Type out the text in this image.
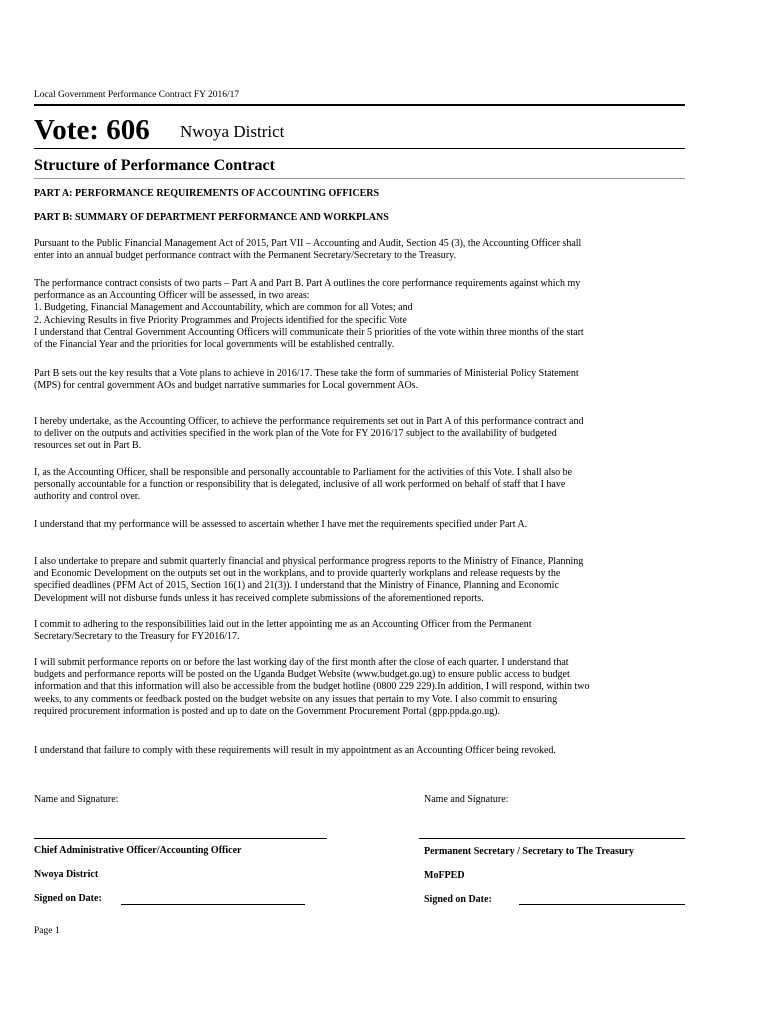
Local Government Performance Contract FY 2016/17
Vote: 606 Nwoya District
Structure of Performance Contract
PART A: PERFORMANCE REQUIREMENTS OF ACCOUNTING OFFICERS
PART B: SUMMARY OF DEPARTMENT PERFORMANCE AND WORKPLANS
Pursuant to the Public Financial Management Act of 2015, Part VII – Accounting and Audit, Section 45 (3), the Accounting Officer shall
enter into an annual budget performance contract with the Permanent Secretary/Secretary to the Treasury.
The performance contract consists of two parts – Part A and Part B. Part A outlines the core performance requirements against which my
performance as an Accounting Officer will be assessed, in two areas:
1. Budgeting, Financial Management and Accountability, which are common for all Votes; and
2. Achieving Results in five Priority Programmes and Projects identified for the specific Vote
I understand that Central Government Accounting Officers will communicate their 5 priorities of the vote within three months of the start
of the Financial Year and the priorities for local governments will be established centrally.
Part B sets out the key results that a Vote plans to achieve in 2016/17. These take the form of summaries of Ministerial Policy Statement
(MPS) for central government AOs and budget narrative summaries for Local government AOs.
I hereby undertake, as the Accounting Officer, to achieve the performance requirements set out in Part A of this performance contract and
to deliver on the outputs and activities specified in the work plan of the Vote for FY 2016/17 subject to the availability of budgeted
resources set out in Part B.
I, as the Accounting Officer, shall be responsible and personally accountable to Parliament for the activities of this Vote. I shall also be
personally accountable for a function or responsibility that is delegated, inclusive of all work performed on behalf of staff that I have
authority and control over.
I understand that my performance will be assessed to ascertain whether I have met the requirements specified under Part A.
I also undertake to prepare and submit quarterly financial and physical performance progress reports to the Ministry of Finance, Planning
and Economic Development on the outputs set out in the workplans, and to provide quarterly workplans and release requests by the
specified deadlines (PFM Act of 2015, Section 16(1) and 21(3)). I understand that the Ministry of Finance, Planning and Economic
Development will not disburse funds unless it has received complete submissions of the aforementioned reports.
I commit to adhering to the responsibilities laid out in the letter appointing me as an Accounting Officer from the Permanent
Secretary/Secretary to the Treasury for FY2016/17.
I will submit performance reports on or before the last working day of the first month after the close of each quarter. I understand that
budgets and performance reports will be posted on the Uganda Budget Website (www.budget.go.ug) to ensure public access to budget
information and that this information will also be accessible from the budget hotline (0800 229 229).In addition, I will respond, within two
weeks, to any comments or feedback posted on the budget website on any issues that pertain to my Vote. I also commit to ensuring
required procurement information is posted and up to date on the Government Procurement Portal (gpp.ppda.go.ug).
I understand that failure to comply with these requirements will result in my appointment as an Accounting Officer being revoked.
Name and Signature:
Chief Administrative Officer/Accounting Officer
Nwoya District
Signed on Date:
Name and Signature:
Permanent Secretary / Secretary to The Treasury
MoFPED
Signed on Date:
Page 1
